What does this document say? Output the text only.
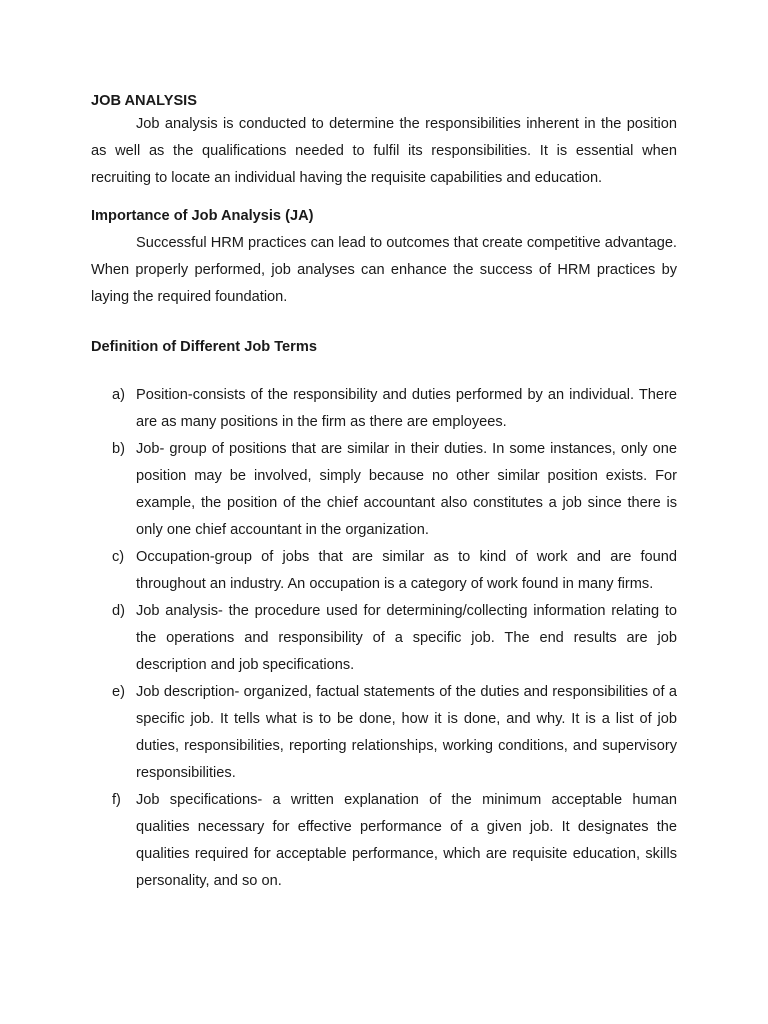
JOB ANALYSIS

Job analysis is conducted to determine the responsibilities inherent in the position as well as the qualifications needed to fulfil its responsibilities. It is essential when recruiting to locate an individual having the requisite capabilities and education.

Importance of Job Analysis (JA)

Successful HRM practices can lead to outcomes that create competitive advantage. When properly performed, job analyses can enhance the success of HRM practices by laying the required foundation.

Definition of Different Job Terms
a) Position-consists of the responsibility and duties performed by an individual. There are as many positions in the firm as there are employees.
b) Job- group of positions that are similar in their duties. In some instances, only one position may be involved, simply because no other similar position exists. For example, the position of the chief accountant also constitutes a job since there is only one chief accountant in the organization.
c) Occupation-group of jobs that are similar as to kind of work and are found throughout an industry. An occupation is a category of work found in many firms.
d) Job analysis- the procedure used for determining/collecting information relating to the operations and responsibility of a specific job. The end results are job description and job specifications.
e) Job description- organized, factual statements of the duties and responsibilities of a specific job. It tells what is to be done, how it is done, and why. It is a list of job duties, responsibilities, reporting relationships, working conditions, and supervisory responsibilities.
f) Job specifications- a written explanation of the minimum acceptable human qualities necessary for effective performance of a given job. It designates the qualities required for acceptable performance, which are requisite education, skills personality, and so on.
